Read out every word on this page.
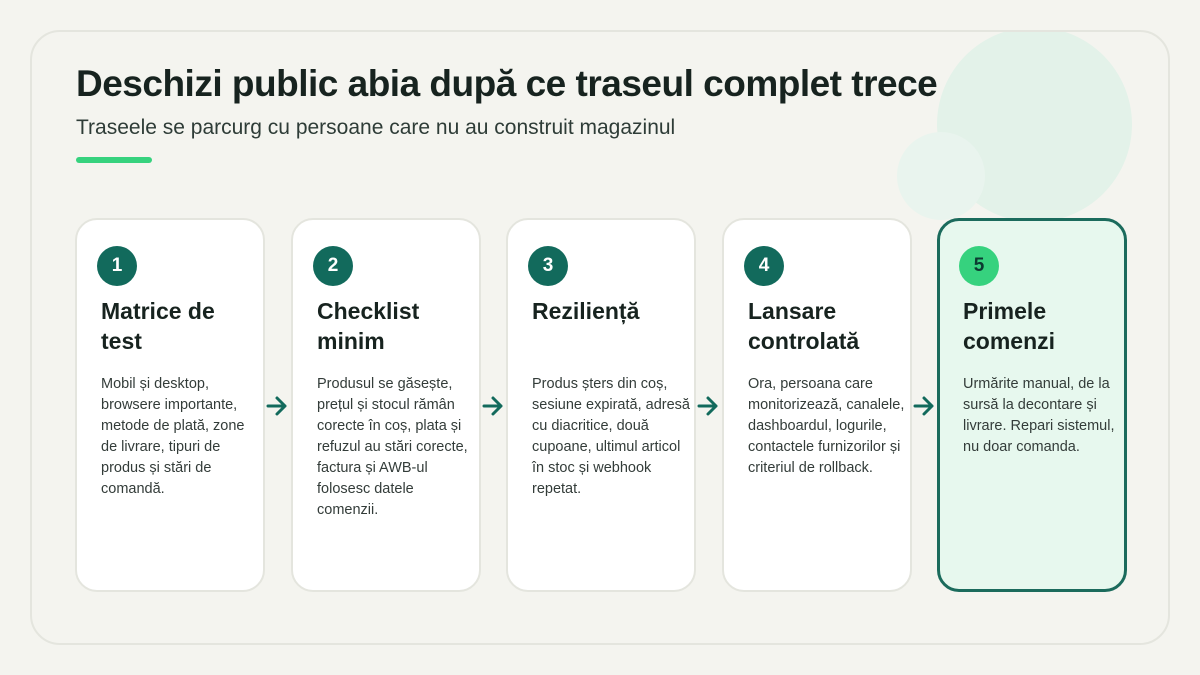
Deschizi public abia după ce traseul complet trece
Traseele se parcurg cu persoane care nu au construit magazinul
1
Matrice de test
Mobil și desktop, browsere importante, metode de plată, zone de livrare, tipuri de produs și stări de comandă.
2
Checklist minim
Produsul se găsește, prețul și stocul rămân corecte în coș, plata și refuzul au stări corecte, factura și AWB-ul folosesc datele comenzii.
3
Reziliență
Produs șters din coș, sesiune expirată, adresă cu diacritice, două cupoane, ultimul articol în stoc și webhook repetat.
4
Lansare controlată
Ora, persoana care monitorizează, canalele, dashboardul, logurile, contactele furnizorilor și criteriul de rollback.
5
Primele comenzi
Urmărite manual, de la sursă la decontare și livrare. Repari sistemul, nu doar comanda.
